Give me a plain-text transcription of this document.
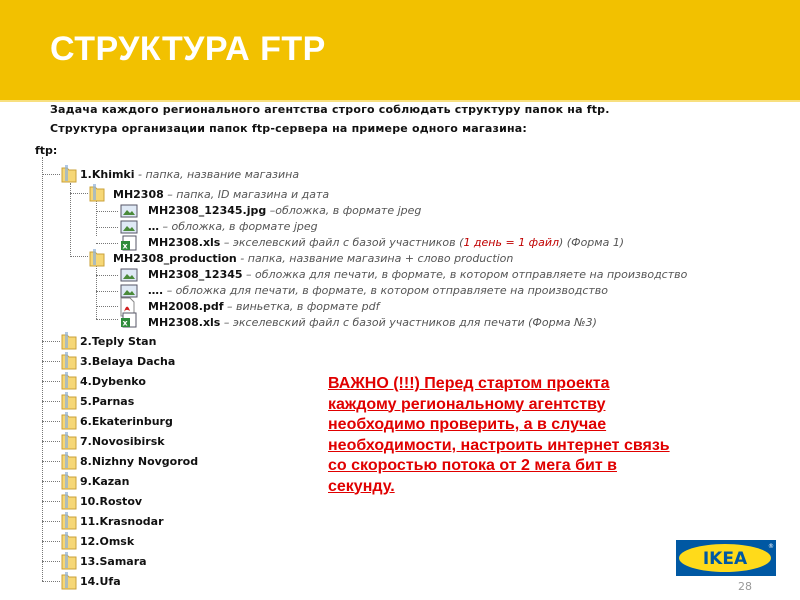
СТРУКТУРА FTP
Задача каждого регионального агентства строго соблюдать структуру папок на ftp.
Структура организации папок ftp-сервера на примере одного магазина:
ftp:
1.Khimki - папка, название магазина
MH2308 – папка, ID магазина и дата
MH2308_12345.jpg –обложка, в формате jpeg
… – обложка, в формате jpeg
x MH2308.xls – экселевский файл с базой участников (1 день = 1 файл) (Форма 1)
MH2308_production - папка, название магазина + слово production
MH2308_12345 – обложка для печати, в формате, в котором отправляете на производство
…. – обложка для печати, в формате, в котором отправляете на производство
MH2008.pdf – виньетка, в формате pdf
x MH2308.xls – экселевский файл с базой участников для печати (Форма №3)
2.Teply Stan
3.Belaya Dacha
4.Dybenko
5.Parnas
6.Ekaterinburg
7.Novosibirsk
8.Nizhny Novgorod
9.Kazan
10.Rostov
11.Krasnodar
12.Omsk
13.Samara
14.Ufa
ВАЖНО (!!!) Перед стартом проекта каждому региональному агентству необходимо проверить, а в случае необходимости, настроить интернет связь со скоростью потока от 2 мега бит в секунду.
IKEA
®
28
